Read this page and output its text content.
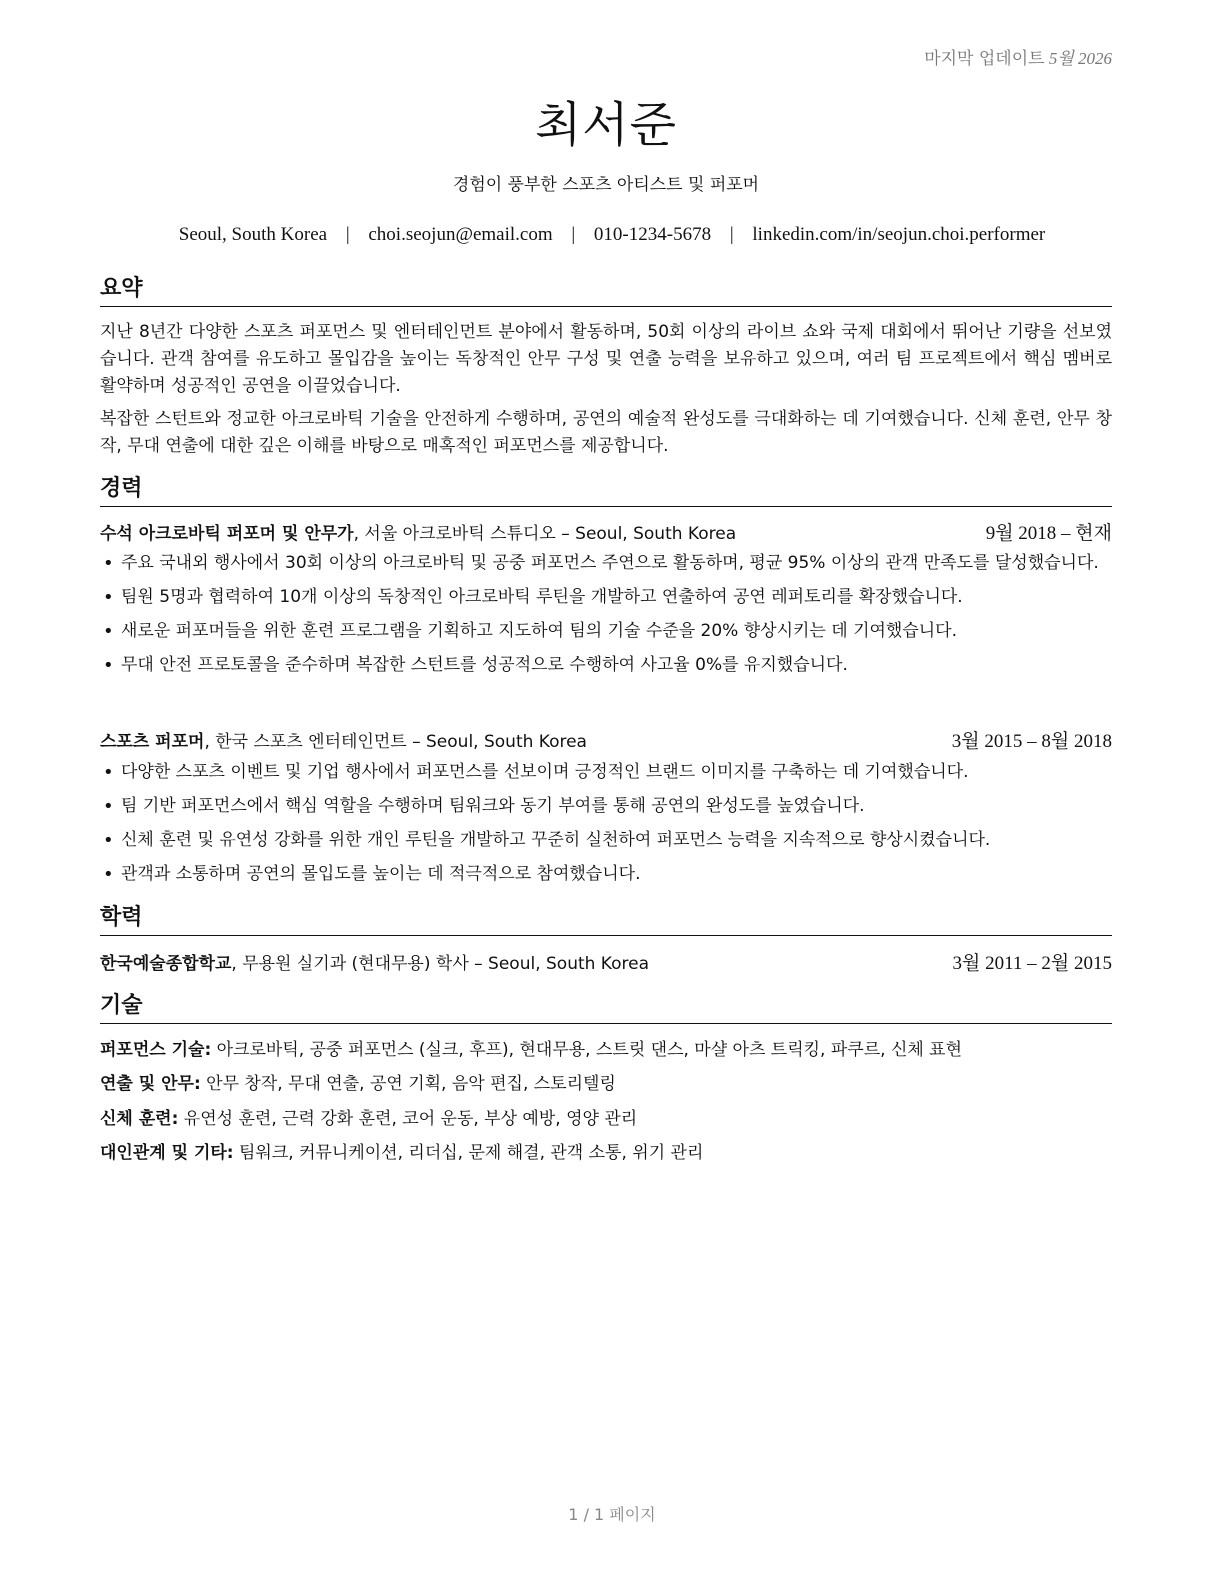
마지막 업데이트 5월 2026
최서준
경험이 풍부한 스포츠 아티스트 및 퍼포머
Seoul, South Korea | choi.seojun@email.com | 010-1234-5678 | linkedin.com/in/seojun.choi.performer
요약

지난 8년간 다양한 스포츠 퍼포먼스 및 엔터테인먼트 분야에서 활동하며, 50회 이상의 라이브 쇼와 국제 대회에서 뛰어난 기량을 선보였습니다. 관객 참여를 유도하고 몰입감을 높이는 독창적인 안무 구성 및 연출 능력을 보유하고 있으며, 여러 팀 프로젝트에서 핵심 멤버로 활약하며 성공적인 공연을 이끌었습니다.

복잡한 스턴트와 정교한 아크로바틱 기술을 안전하게 수행하며, 공연의 예술적 완성도를 극대화하는 데 기여했습니다. 신체 훈련, 안무 창작, 무대 연출에 대한 깊은 이해를 바탕으로 매혹적인 퍼포먼스를 제공합니다.

경력
수석 아크로바틱 퍼포머 및 안무가, 서울 아크로바틱 스튜디오 – Seoul, South Korea	9월 2018 – 현재
• 주요 국내외 행사에서 30회 이상의 아크로바틱 및 공중 퍼포먼스 주연으로 활동하며, 평균 95% 이상의 관객 만족도를 달성했습니다.
• 팀원 5명과 협력하여 10개 이상의 독창적인 아크로바틱 루틴을 개발하고 연출하여 공연 레퍼토리를 확장했습니다.
• 새로운 퍼포머들을 위한 훈련 프로그램을 기획하고 지도하여 팀의 기술 수준을 20% 향상시키는 데 기여했습니다.
• 무대 안전 프로토콜을 준수하며 복잡한 스턴트를 성공적으로 수행하여 사고율 0%를 유지했습니다.
스포츠 퍼포머, 한국 스포츠 엔터테인먼트 – Seoul, South Korea	3월 2015 – 8월 2018
• 다양한 스포츠 이벤트 및 기업 행사에서 퍼포먼스를 선보이며 긍정적인 브랜드 이미지를 구축하는 데 기여했습니다.
• 팀 기반 퍼포먼스에서 핵심 역할을 수행하며 팀워크와 동기 부여를 통해 공연의 완성도를 높였습니다.
• 신체 훈련 및 유연성 강화를 위한 개인 루틴을 개발하고 꾸준히 실천하여 퍼포먼스 능력을 지속적으로 향상시켰습니다.
• 관객과 소통하며 공연의 몰입도를 높이는 데 적극적으로 참여했습니다.
학력
한국예술종합학교, 무용원 실기과 (현대무용) 학사 – Seoul, South Korea	3월 2011 – 2월 2015
기술
퍼포먼스 기술: 아크로바틱, 공중 퍼포먼스 (실크, 후프), 현대무용, 스트릿 댄스, 마샬 아츠 트릭킹, 파쿠르, 신체 표현
연출 및 안무: 안무 창작, 무대 연출, 공연 기획, 음악 편집, 스토리텔링
신체 훈련: 유연성 훈련, 근력 강화 훈련, 코어 운동, 부상 예방, 영양 관리
대인관계 및 기타: 팀워크, 커뮤니케이션, 리더십, 문제 해결, 관객 소통, 위기 관리
1 / 1 페이지
